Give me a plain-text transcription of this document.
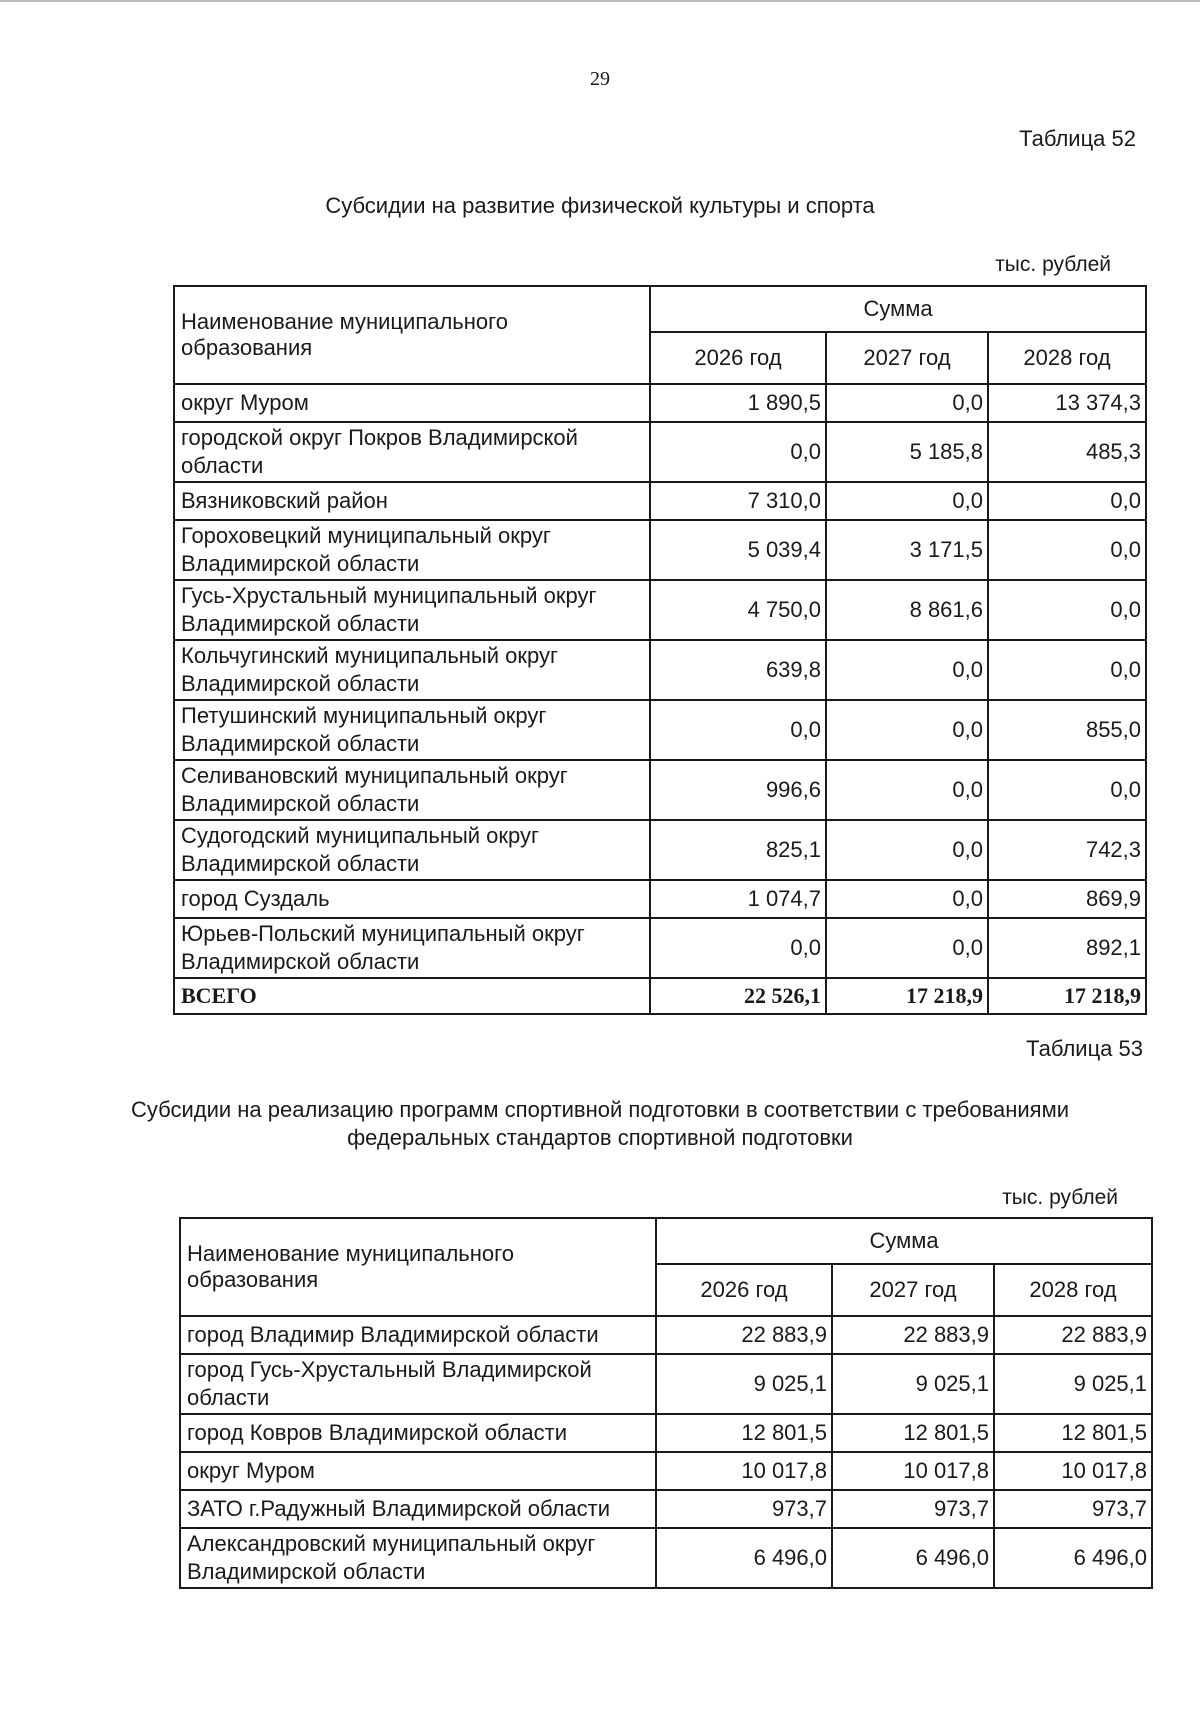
29
Таблица 52
Субсидии на развитие физической культуры и спорта
тыс. рублей
Наименование муниципального образования	Сумма		
	2026 год	2027 год	2028 год
округ Муром	1 890,5	0,0	13 374,3
городской округ Покров Владимирской области	0,0	5 185,8	485,3
Вязниковский район	7 310,0	0,0	0,0
Гороховецкий муниципальный округ Владимирской области	5 039,4	3 171,5	0,0
Гусь-Хрустальный муниципальный округ Владимирской области	4 750,0	8 861,6	0,0
Кольчугинский муниципальный округ Владимирской области	639,8	0,0	0,0
Петушинский муниципальный округ Владимирской области	0,0	0,0	855,0
Селивановский муниципальный округ Владимирской области	996,6	0,0	0,0
Судогодский муниципальный округ Владимирской области	825,1	0,0	742,3
город Суздаль	1 074,7	0,0	869,9
Юрьев-Польский муниципальный округ Владимирской области	0,0	0,0	892,1
ВСЕГО	22 526,1	17 218,9	17 218,9
Таблица 53
Субсидии на реализацию программ спортивной подготовки в соответствии с требованиями
федеральных стандартов спортивной подготовки
тыс. рублей
Наименование муниципального образования	Сумма		
	2026 год	2027 год	2028 год
город Владимир Владимирской области	22 883,9	22 883,9	22 883,9
город Гусь-Хрустальный Владимирской области	9 025,1	9 025,1	9 025,1
город Ковров Владимирской области	12 801,5	12 801,5	12 801,5
округ Муром	10 017,8	10 017,8	10 017,8
ЗАТО г.Радужный Владимирской области	973,7	973,7	973,7
Александровский муниципальный округ Владимирской области	6 496,0	6 496,0	6 496,0
